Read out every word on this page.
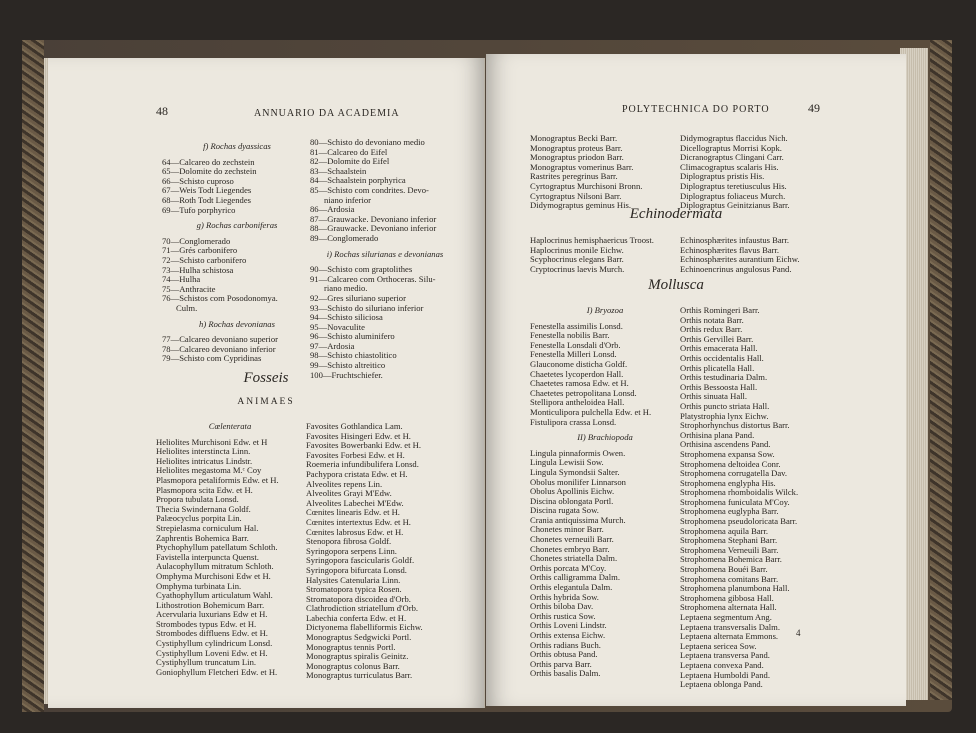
48	ANNUARIO DA ACADEMIA
f) Rochas dyassicas
64—Calcareo do zechstein
65—Dolomite do zechstein
66—Schisto cuproso
67—Weis Todt Liegendes
68—Roth Todt Liegendes
69—Tufo porphyrico
g) Rochas carboniferas
70—Conglomerado
71—Grés carbonifero
72—Schisto carbonifero
73—Hulha schistosa
74—Hulha
75—Anthracite
76—Schistos com Posodonomya.
Culm.
h) Rochas devonianas
77—Calcareo devoniano superior
78—Calcareo devoniano inferior
79—Schisto com Cypridinas
80—Schisto do devoniano medio
81—Calcareo do Eifel
82—Dolomite do Eifel
83—Schaalstein
84—Schaalstein porphyrica
85—Schisto com condrites. Devo-
niano inferior
86—Ardosia
87—Grauwacke. Devoniano inferior
88—Grauwacke. Devoniano inferior
89—Conglomerado
i) Rochas silurianas e devonianas
90—Schisto com graptolithes
91—Calcareo com Orthoceras. Silu-
riano medio.
92—Gres siluriano superior
93—Schisto do siluriano inferior
94—Schisto siliciosa
95—Novaculite
96—Schisto aluminifero
97—Ardosia
98—Schisto chiastolitico
99—Schisto altreitico
100—Fruchtschiefer.
Fosseis
ANIMAES
Cœlenterata
Heliolites Murchisoni Edw. et H
Heliolites interstincta Linn.
Heliolites intricatus Lindstr.
Heliolites megastoma M.ᶜ Coy
Plasmopora petaliformis Edw. et H.
Plasmopora scita Edw. et H.
Propora tubulata Lonsd.
Thecia Swindernana Goldf.
Palæocyclus porpita Lin.
Strepielasma corniculum Hal.
Zaphrentis Bohemica Barr.
Ptychophyllum patellatum Schloth.
Favistella interpuncta Quenst.
Aulacophyllum mitratum Schloth.
Omphyma Murchisoni Edw et H.
Omphyma turbinata Lin.
Cyathophyllum articulatum Wahl.
Lithostrotion Bohemicum Barr.
Acervularia luxurians Edw et H.
Strombodes typus Edw. et H.
Strombodes diffluens Edw. et H.
Cystiphyllum cylindricum Lonsd.
Cystiphyllum Loveni Edw. et H.
Cystiphyllum truncatum Lin.
Goniophyllum Fletcheri Edw. et H.
Favosites Gothlandica Lam.
Favosites Hisingeri Edw. et H.
Favosites Bowerbanki Edw. et H.
Favosites Forbesi Edw. et H.
Roemeria infundibulifera Lonsd.
Pachypora cristata Edw. et H.
Alveolites repens Lin.
Alveolites Grayi M'Edw.
Alveolites Labechei M'Edw.
Cœnites linearis Edw. et H.
Cœnites intertextus Edw. et H.
Cœnites labrosus Edw. et H.
Stenopora fibrosa Goldf.
Syringopora serpens Linn.
Syringopora fascicularis Goldf.
Syringopora bifurcata Lonsd.
Halysites Catenularia Linn.
Stromatopora typica Rosen.
Stromatopora discoidea d'Orb.
Clathrodiction striatellum d'Orb.
Labechia conferta Edw. et H.
Dictyonema flabelliformis Eichw.
Monograptus Sedgwicki Portl.
Monograptus tennis Portl.
Monograptus spiralis Geinitz.
Monograptus colonus Barr.
Monograptus turriculatus Barr.
POLYTECHNICA DO PORTO	49
Monograptus Becki Barr.
Monograptus proteus Barr.
Monograptus priodon Barr.
Monograptus vomerinus Barr.
Rastrites peregrinus Barr.
Cyrtograptus Murchisoni Bronn.
Cyrtograptus Nilsoni Barr.
Didymograptus geminus His.
Didymograptus flaccidus Nich.
Dicellograptus Morrisi Kopk.
Dicranograptus Clingani Carr.
Climacograptus scalaris His.
Diplograptus pristis His.
Diplograptus teretiusculus His.
Diplograptus foliaceus Murch.
Diplograptus Geinitzianus Barr.
Echinodermata
Haplocrinus hemisphaericus Troost.
Haplocrinus monile Eichw.
Scyphocrinus elegans Barr.
Cryptocrinus laevis Murch.
Echinosphærites infaustus Barr.
Echinosphærites flavus Barr.
Echinosphærites aurantium Eichw.
Echinoencrinus angulosus Pand.
Mollusca
I) Bryozoa
Fenestella assimilis Lonsd.
Fenestella nobilis Barr.
Fenestella Lonsdali d'Orb.
Fenestella Milleri Lonsd.
Glauconome disticha Goldf.
Chaetetes lycoperdon Hall.
Chaetetes ramosa Edw. et H.
Chaetetes petropolitana Lonsd.
Stellipora antheloidea Hall.
Monticulipora pulchella Edw. et H.
Fistulipora crassa Lonsd.
II) Brachiopoda
Lingula pinnaformis Owen.
Lingula Lewisii Sow.
Lingula Symondsii Salter.
Obolus monilifer Linnarson
Obolus Apollinis Eichw.
Discina oblongata Portl.
Discina rugata Sow.
Crania antiquissima Murch.
Chonetes minor Barr.
Chonetes verneuili Barr.
Chonetes embryo Barr.
Chonetes striatella Dalm.
Orthis porcata M'Coy.
Orthis calligramma Dalm.
Orthis elegantula Dalm.
Orthis hybrida Sow.
Orthis biloba Dav.
Orthis rustica Sow.
Orthis Loveni Lindstr.
Orthis extensa Eichw.
Orthis radians Buch.
Orthis obtusa Pand.
Orthis parva Barr.
Orthis basalis Dalm.
Orthis Romingeri Barr.
Orthis notata Barr.
Orthis redux Barr.
Orthis Gervillei Barr.
Orthis emacerata Hall.
Orthis occidentalis Hall.
Orthis plicatella Hall.
Orthis testudinaria Dalm.
Orthis Bessoosta Hall.
Orthis sinuata Hall.
Orthis puncto striata Hall.
Platystrophia lynx Eichw.
Strophorhynchus distortus Barr.
Orthisina plana Pand.
Orthisina ascendens Pand.
Strophomena expansa Sow.
Strophomena deltoidea Conr.
Strophomena corrugatella Dav.
Strophomena englypha His.
Strophomena rhomboidalis Wilck.
Strophomena funiculata M'Coy.
Strophomena euglypha Barr.
Strophomena pseudoloricata Barr.
Strophomena aquila Barr.
Strophomena Stephani Barr.
Strophomena Verneuili Barr.
Strophomena Bohemica Barr.
Strophomena Bouéi Barr.
Strophomena comitans Barr.
Strophomena planumbona Hall.
Strophomena gibbosa Hall.
Strophomena alternata Hall.
Leptaena segmentum Ang.
Leptaena transversalis Dalm.
Leptaena alternata Emmons.
Leptaena sericea Sow.
Leptaena transversa Pand.
Leptaena convexa Pand.
Leptaena Humboldi Pand.
Leptaena oblonga Pand.
4
